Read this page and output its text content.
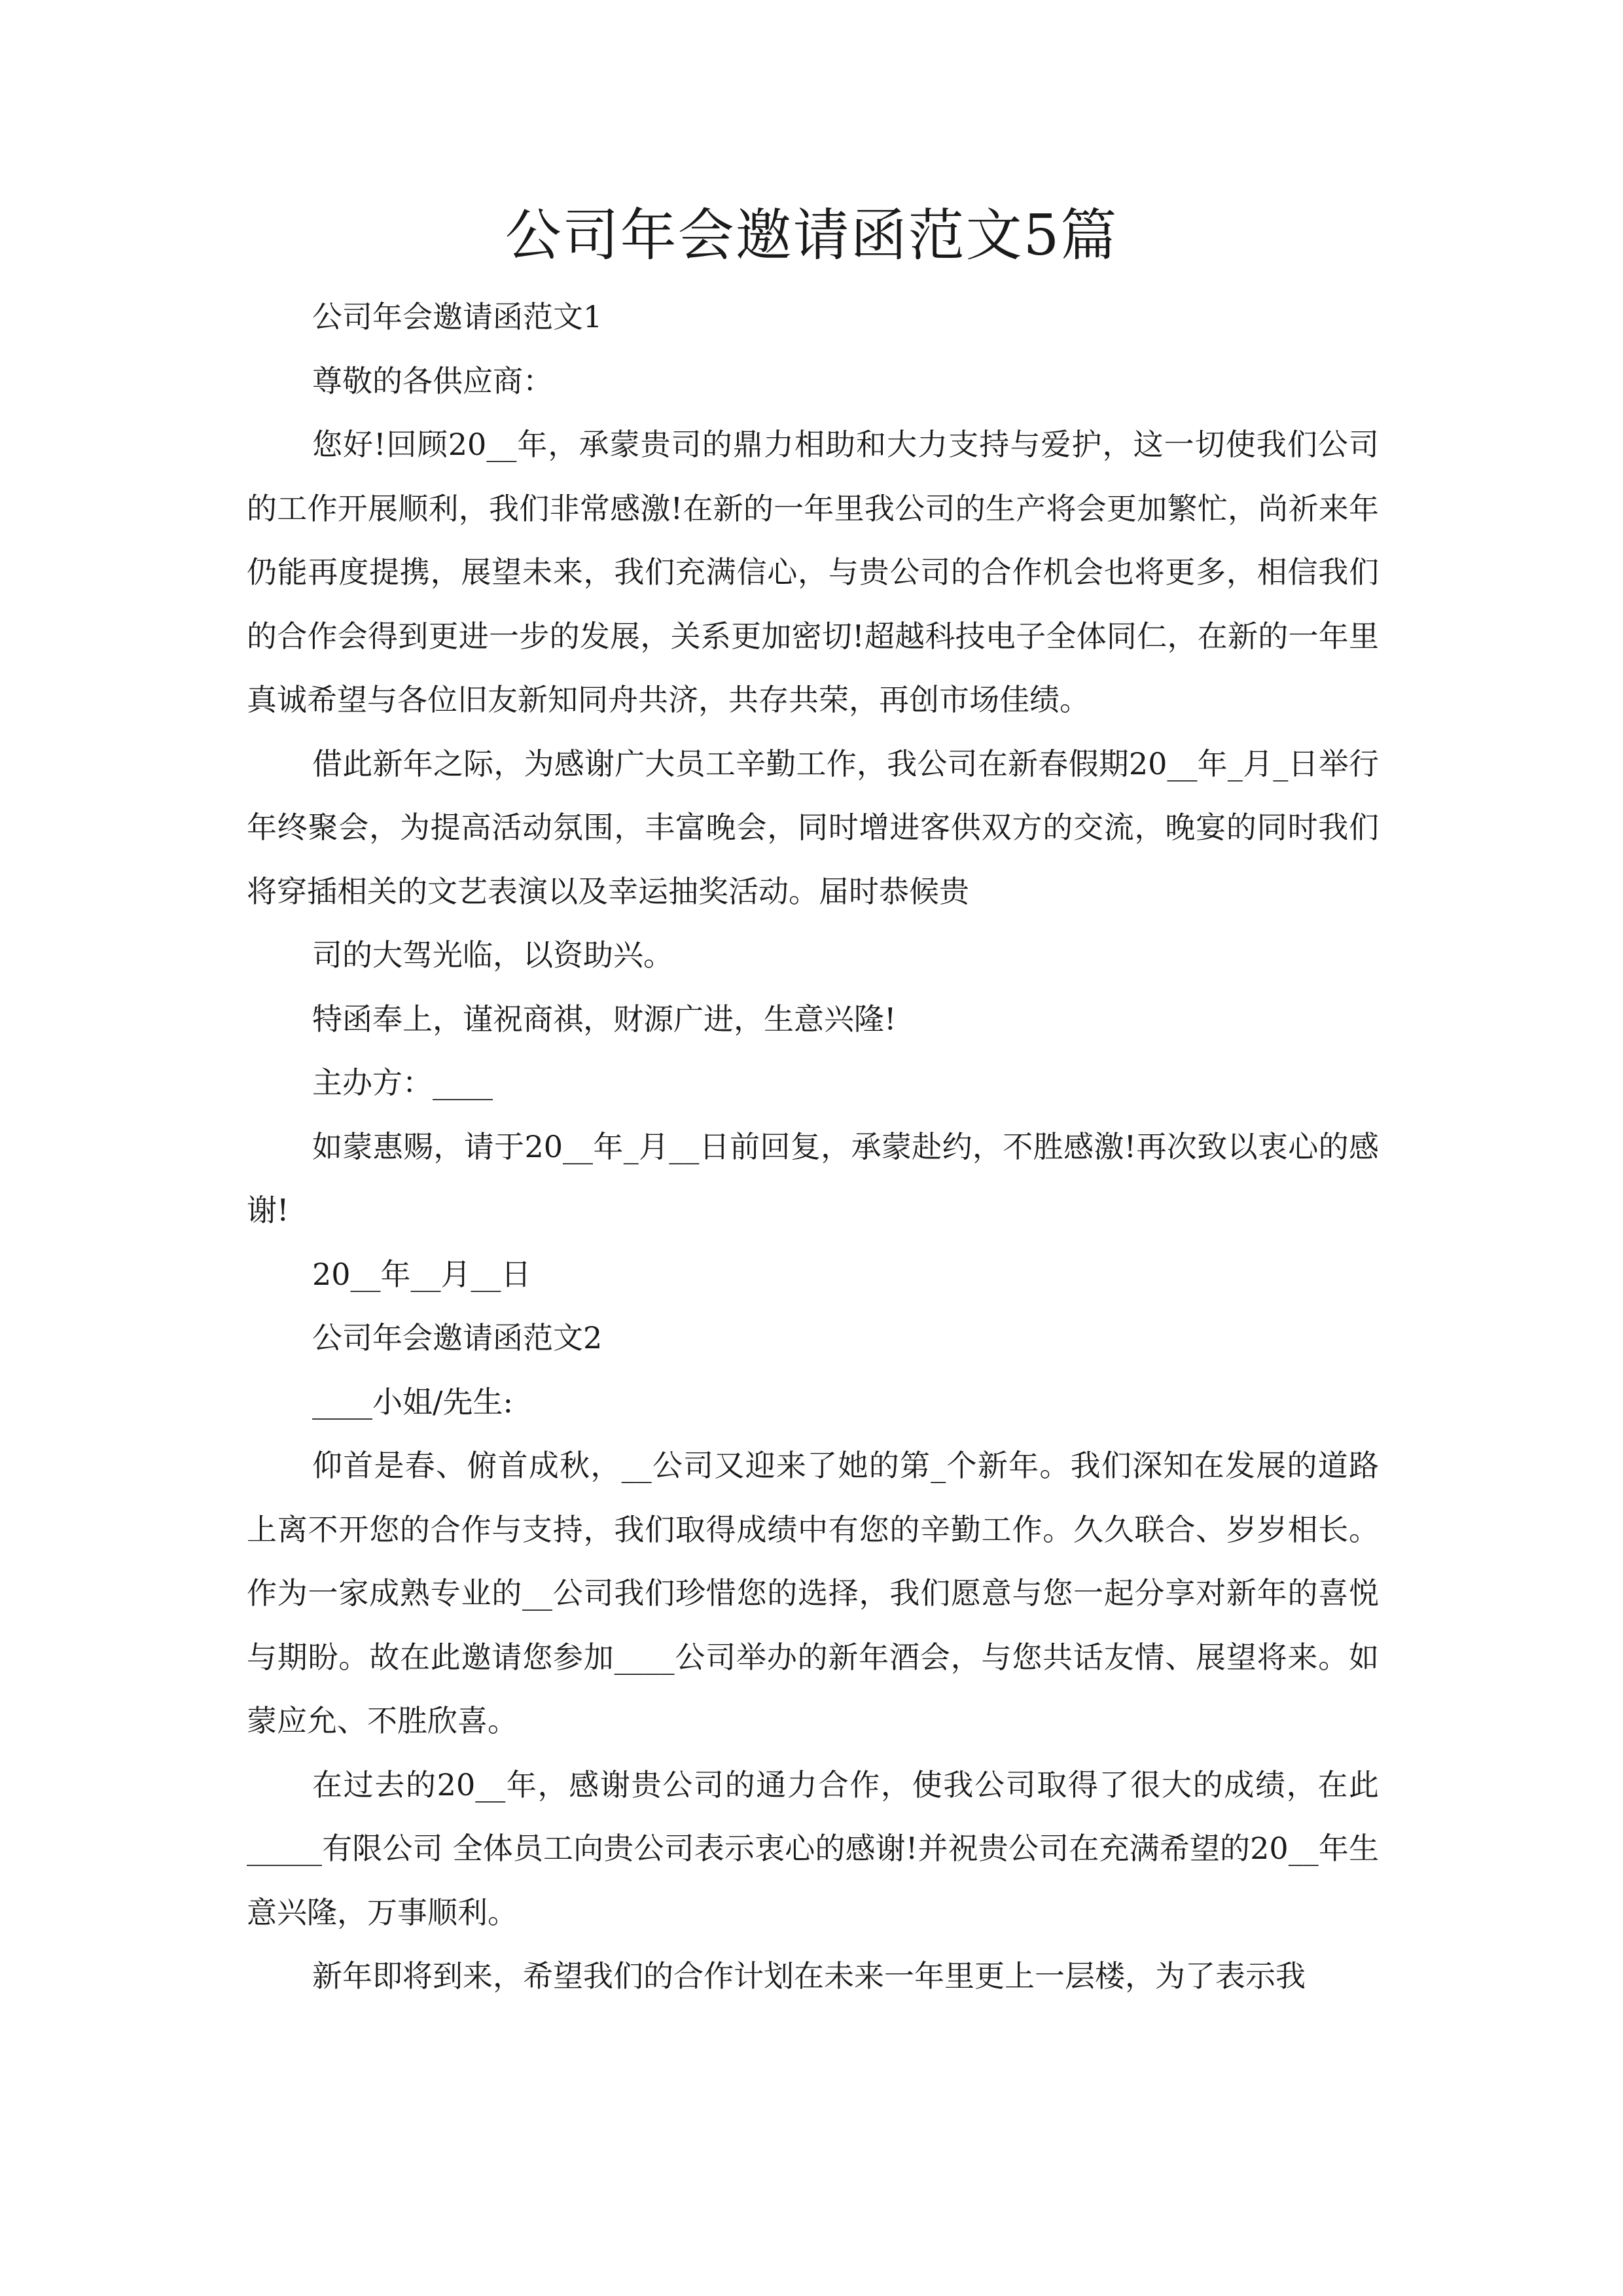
公司年会邀请函范文5篇

公司年会邀请函范文1

尊敬的各供应商：

您好!回顾20__年，承蒙贵司的鼎力相助和大力支持与爱护，这一切使我们公司的工作开展顺利，我们非常感激!在新的一年里我公司的生产将会更加繁忙，尚祈来年仍能再度提携，展望未来，我们充满信心，与贵公司的合作机会也将更多，相信我们的合作会得到更进一步的发展，关系更加密切!超越科技电子全体同仁，在新的一年里真诚希望与各位旧友新知同舟共济，共存共荣，再创市场佳绩。

借此新年之际，为感谢广大员工辛勤工作，我公司在新春假期20__年_月_日举行年终聚会，为提高活动氛围，丰富晚会，同时增进客供双方的交流，晚宴的同时我们将穿插相关的文艺表演以及幸运抽奖活动。届时恭候贵

司的大驾光临，以资助兴。

特函奉上，谨祝商祺，财源广进，生意兴隆!

主办方：____

如蒙惠赐，请于20__年_月__日前回复，承蒙赴约，不胜感激!再次致以衷心的感谢!

20__年__月__日

公司年会邀请函范文2

____小姐/先生:

仰首是春、俯首成秋，__公司又迎来了她的第_个新年。我们深知在发展的道路上离不开您的合作与支持，我们取得成绩中有您的辛勤工作。久久联合、岁岁相长。作为一家成熟专业的__公司我们珍惜您的选择，我们愿意与您一起分享对新年的喜悦与期盼。故在此邀请您参加____公司举办的新年酒会，与您共话友情、展望将来。如蒙应允、不胜欣喜。

在过去的20__年，感谢贵公司的通力合作，使我公司取得了很大的成绩，在此_____有限公司 全体员工向贵公司表示衷心的感谢!并祝贵公司在充满希望的20__年生意兴隆，万事顺利。

新年即将到来，希望我们的合作计划在未来一年里更上一层楼，为了表示我
